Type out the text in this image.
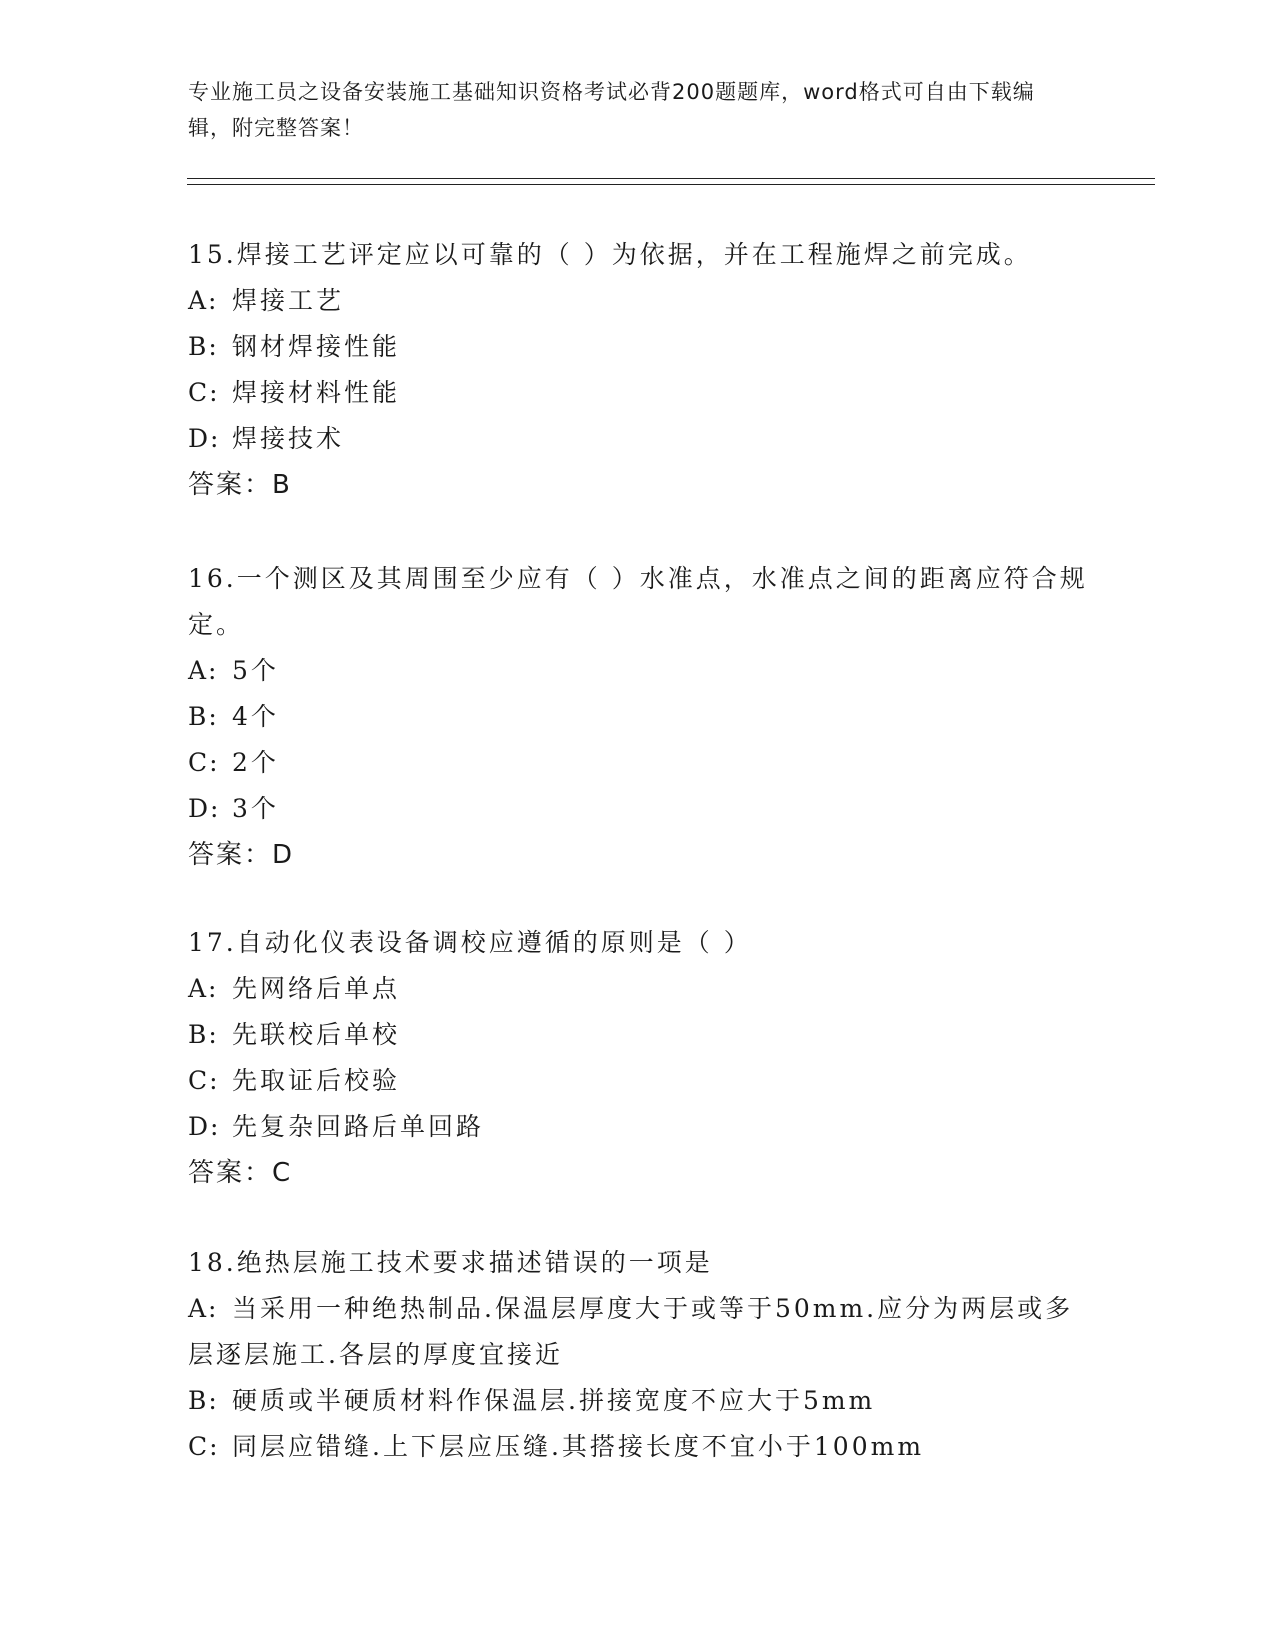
专业施工员之设备安装施工基础知识资格考试必背200题题库，word格式可自由下载编辑，附完整答案！
15.焊接工艺评定应以可靠的（ ）为依据，并在工程施焊之前完成。
A: 焊接工艺
B: 钢材焊接性能
C: 焊接材料性能
D: 焊接技术
答案：B
16.一个测区及其周围至少应有（ ）水准点，水准点之间的距离应符合规定。
A: 5个
B: 4个
C: 2个
D: 3个
答案：D
17.自动化仪表设备调校应遵循的原则是（ ）
A: 先网络后单点
B: 先联校后单校
C: 先取证后校验
D: 先复杂回路后单回路
答案：C
18.绝热层施工技术要求描述错误的一项是
A: 当采用一种绝热制品.保温层厚度大于或等于50mm.应分为两层或多层逐层施工.各层的厚度宜接近
B: 硬质或半硬质材料作保温层.拼接宽度不应大于5mm
C: 同层应错缝.上下层应压缝.其搭接长度不宜小于100mm
